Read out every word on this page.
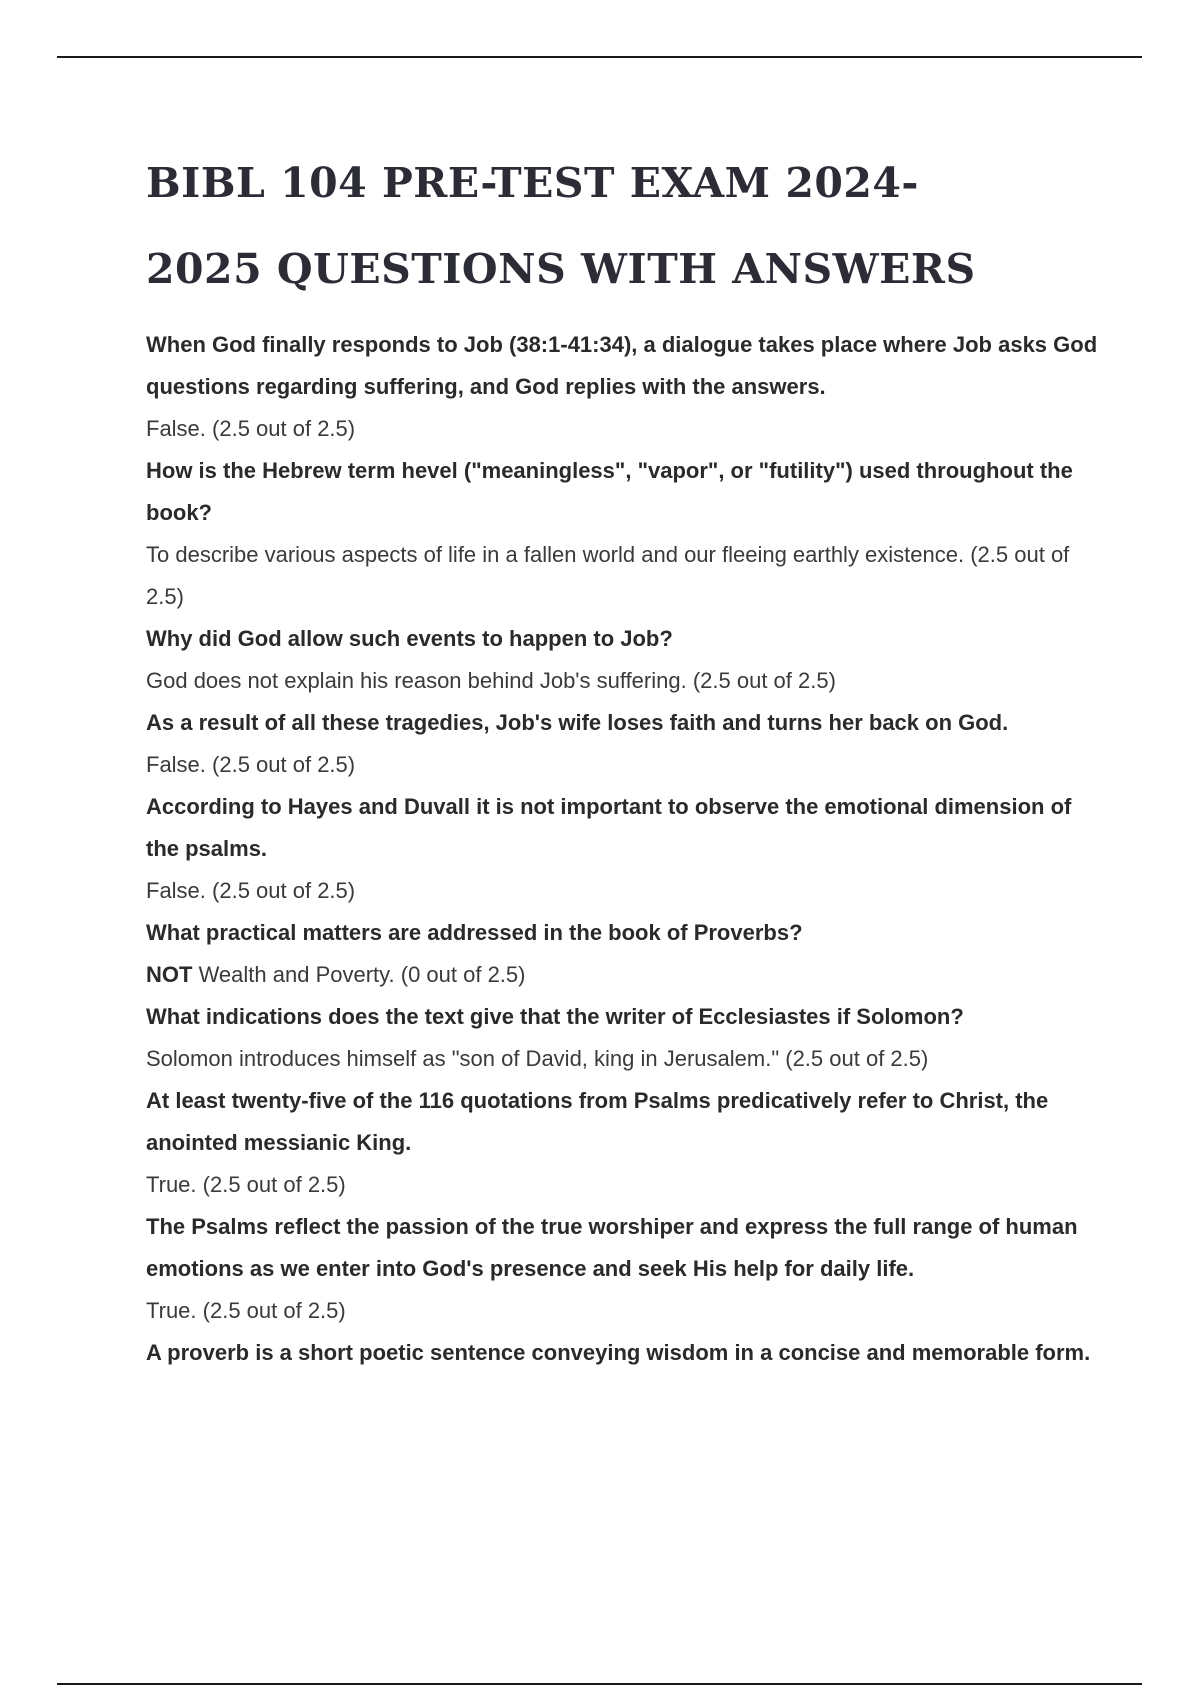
BIBL 104 PRE-TEST EXAM 2024-
2025 QUESTIONS WITH ANSWERS

When God finally responds to Job (38:1-41:34), a dialogue takes place where Job asks God questions regarding suffering, and God replies with the answers.

False. (2.5 out of 2.5)

How is the Hebrew term hevel ("meaningless", "vapor", or "futility") used throughout the book?

To describe various aspects of life in a fallen world and our fleeing earthly existence. (2.5 out of 2.5)

Why did God allow such events to happen to Job?

God does not explain his reason behind Job's suffering. (2.5 out of 2.5)

As a result of all these tragedies, Job's wife loses faith and turns her back on God.

False. (2.5 out of 2.5)

According to Hayes and Duvall it is not important to observe the emotional dimension of the psalms.

False. (2.5 out of 2.5)

What practical matters are addressed in the book of Proverbs?

NOT Wealth and Poverty. (0 out of 2.5)

What indications does the text give that the writer of Ecclesiastes if Solomon?

Solomon introduces himself as "son of David, king in Jerusalem." (2.5 out of 2.5)

At least twenty-five of the 116 quotations from Psalms predicatively refer to Christ, the anointed messianic King.

True. (2.5 out of 2.5)

The Psalms reflect the passion of the true worshiper and express the full range of human emotions as we enter into God's presence and seek His help for daily life.

True. (2.5 out of 2.5)

A proverb is a short poetic sentence conveying wisdom in a concise and memorable form.
